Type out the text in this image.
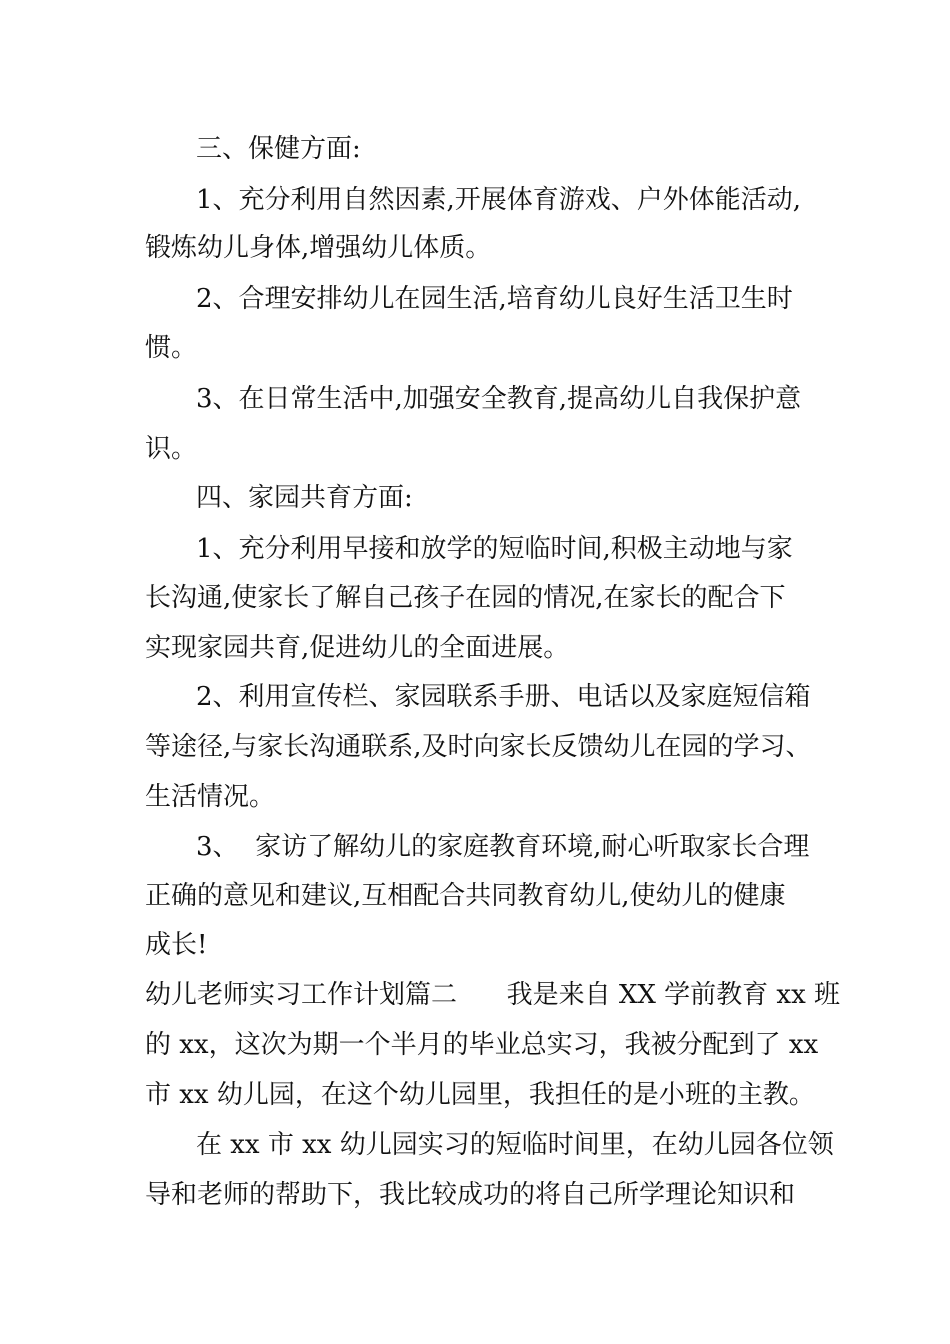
三、保健方面:
1、充分利用自然因素,开展体育游戏、户外体能活动,
锻炼幼儿身体,增强幼儿体质。
2、合理安排幼儿在园生活,培育幼儿良好生活卫生时
惯。
3、在日常生活中,加强安全教育,提高幼儿自我保护意
识。
四、家园共育方面:
1、充分利用早接和放学的短临时间,积极主动地与家
长沟通,使家长了解自己孩子在园的情况,在家长的配合下
实现家园共育,促进幼儿的全面进展。
2、利用宣传栏、家园联系手册、电话以及家庭短信箱
等途径,与家长沟通联系,及时向家长反馈幼儿在园的学习、
生活情况。
3、  家访了解幼儿的家庭教育环境,耐心听取家长合理
正确的意见和建议,互相配合共同教育幼儿,使幼儿的健康
成长!
幼儿老师实习工作计划篇二      我是来自 XX 学前教育 xx 班
的 xx，这次为期一个半月的毕业总实习，我被分配到了 xx
市 xx 幼儿园，在这个幼儿园里，我担任的是小班的主教。
在 xx 市 xx 幼儿园实习的短临时间里，在幼儿园各位领
导和老师的帮助下，我比较成功的将自己所学理论知识和
